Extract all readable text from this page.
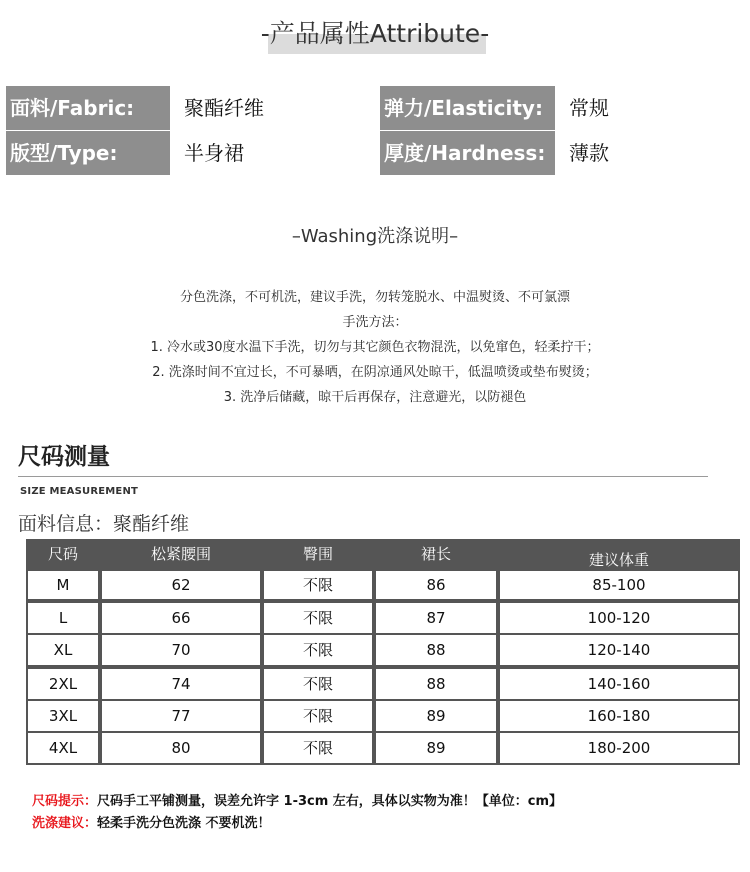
-产品属性Attribute-
面料/Fabric:	聚酯纤维	弹力/Elasticity:	常规
版型/Type:	半身裙	厚度/Hardness:	薄款
–Washing洗涤说明–
分色洗涤，不可机洗，建议手洗，勿转笼脱水、中温熨烫、不可氯漂
手洗方法：
1. 冷水或30度水温下手洗，切勿与其它颜色衣物混洗，以免窜色，轻柔拧干；
2. 洗涤时间不宜过长，不可暴晒，在阴凉通风处晾干，低温喷烫或垫布熨烫；
3. 洗净后储藏，晾干后再保存，注意避光，以防褪色
尺码测量
SIZE MEASUREMENT
面料信息：聚酯纤维
尺码	松紧腰围	臀围	裙长	建议体重
M	62	不限	86	85-100
L	66	不限	87	100-120
XL	70	不限	88	120-140
2XL	74	不限	88	140-160
3XL	77	不限	89	160-180
4XL	80	不限	89	180-200
尺码提示：尺码手工平铺测量，误差允许字 1-3cm 左右，具体以实物为准！【单位：cm】
洗涤建议：轻柔手洗分色洗涤 不要机洗！
